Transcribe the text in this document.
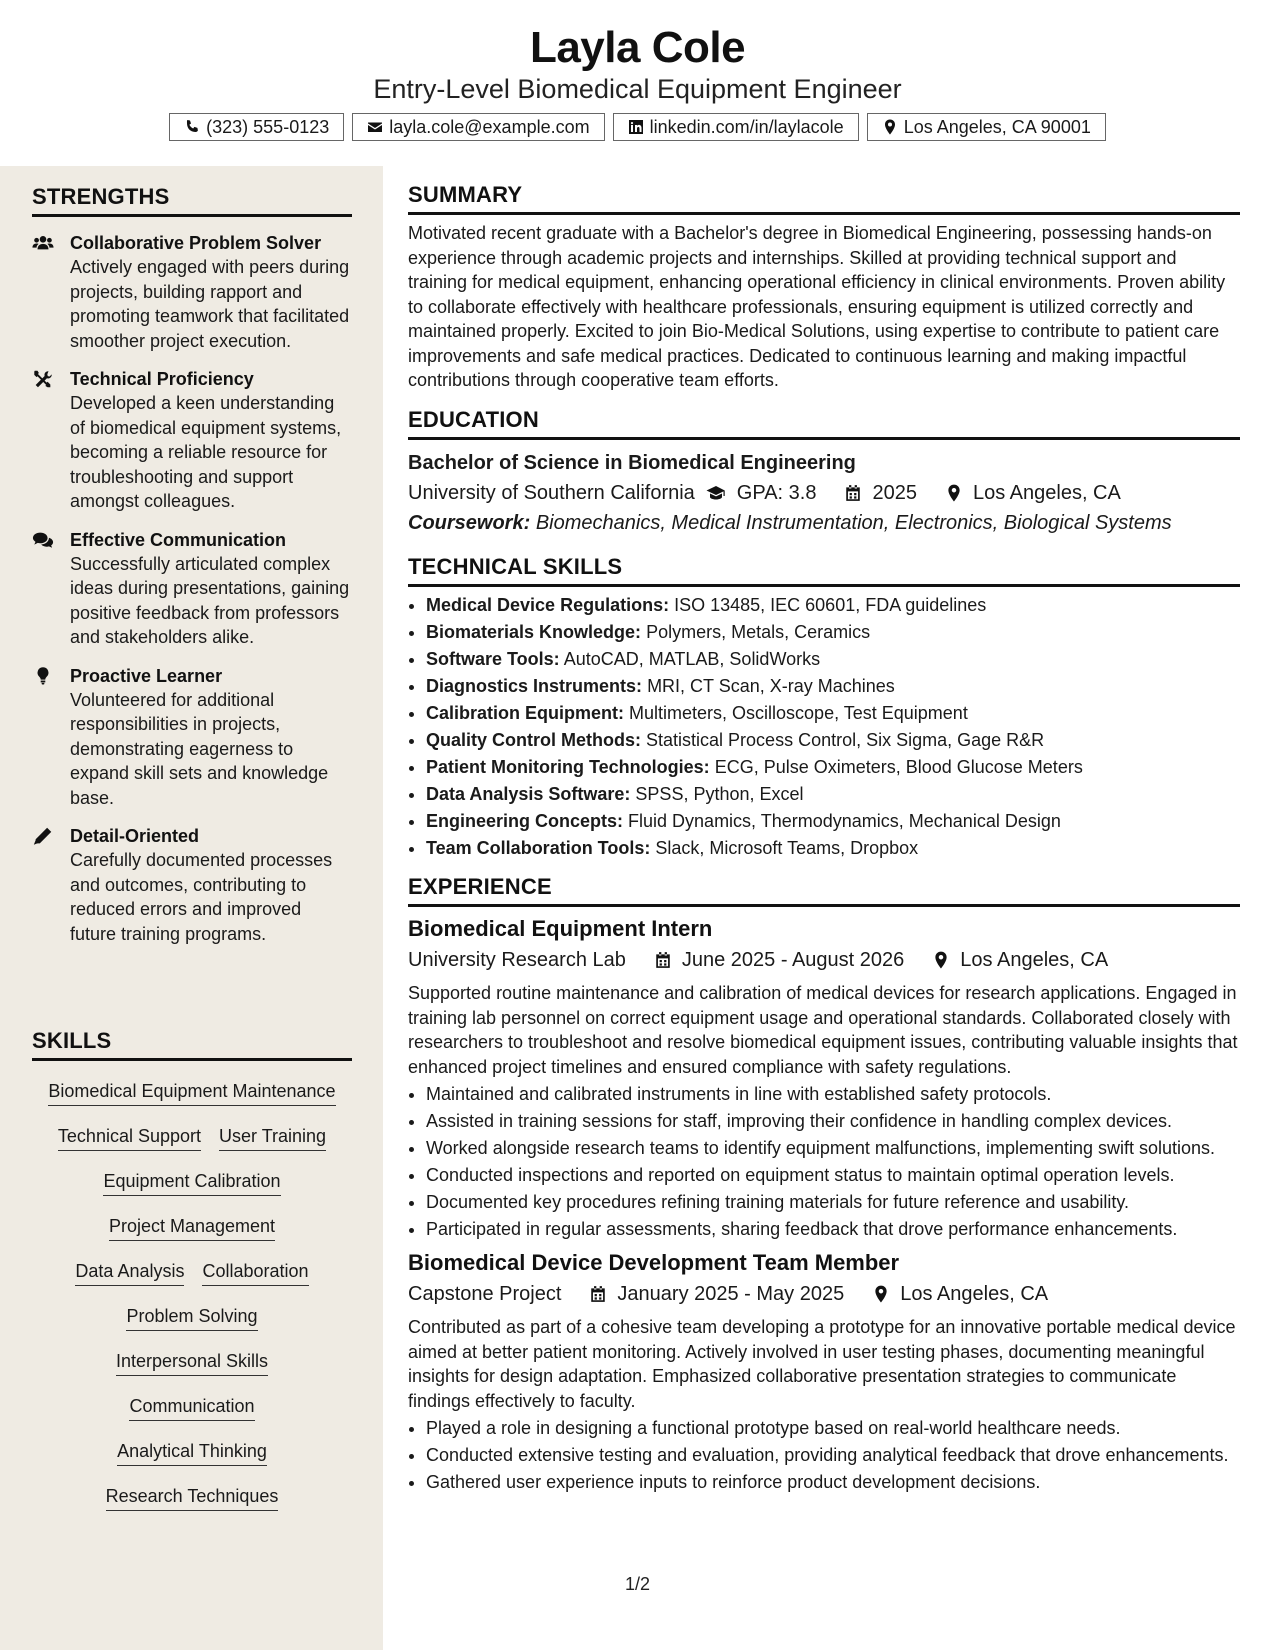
Layla Cole
Entry-Level Biomedical Equipment Engineer
(323) 555-0123	layla.cole@example.com	linkedin.com/in/laylacole	Los Angeles, CA 90001
STRENGTHS
Collaborative Problem Solver
Actively engaged with peers during projects, building rapport and promoting teamwork that facilitated smoother project execution.
Technical Proficiency
Developed a keen understanding of biomedical equipment systems, becoming a reliable resource for troubleshooting and support amongst colleagues.
Effective Communication
Successfully articulated complex ideas during presentations, gaining positive feedback from professors and stakeholders alike.
Proactive Learner
Volunteered for additional responsibilities in projects, demonstrating eagerness to expand skill sets and knowledge base.
Detail-Oriented
Carefully documented processes and outcomes, contributing to reduced errors and improved future training programs.
SKILLS
Biomedical Equipment Maintenance
Technical Support User Training
Equipment Calibration
Project Management
Data Analysis Collaboration
Problem Solving
Interpersonal Skills
Communication
Analytical Thinking
Research Techniques
SUMMARY
Motivated recent graduate with a Bachelor's degree in Biomedical Engineering, possessing hands-on experience through academic projects and internships. Skilled at providing technical support and training for medical equipment, enhancing operational efficiency in clinical environments. Proven ability to collaborate effectively with healthcare professionals, ensuring equipment is utilized correctly and maintained properly. Excited to join Bio-Medical Solutions, using expertise to contribute to patient care improvements and safe medical practices. Dedicated to continuous learning and making impactful contributions through cooperative team efforts.
EDUCATION
Bachelor of Science in Biomedical Engineering
University of Southern California GPA: 3.8	2025	Los Angeles, CA
Coursework: Biomechanics, Medical Instrumentation, Electronics, Biological Systems
TECHNICAL SKILLS
• Medical Device Regulations: ISO 13485, IEC 60601, FDA guidelines
• Biomaterials Knowledge: Polymers, Metals, Ceramics
• Software Tools: AutoCAD, MATLAB, SolidWorks
• Diagnostics Instruments: MRI, CT Scan, X-ray Machines
• Calibration Equipment: Multimeters, Oscilloscope, Test Equipment
• Quality Control Methods: Statistical Process Control, Six Sigma, Gage R&R
• Patient Monitoring Technologies: ECG, Pulse Oximeters, Blood Glucose Meters
• Data Analysis Software: SPSS, Python, Excel
• Engineering Concepts: Fluid Dynamics, Thermodynamics, Mechanical Design
• Team Collaboration Tools: Slack, Microsoft Teams, Dropbox
EXPERIENCE
Biomedical Equipment Intern
University Research Lab	June 2025 - August 2026	Los Angeles, CA
Supported routine maintenance and calibration of medical devices for research applications. Engaged in training lab personnel on correct equipment usage and operational standards. Collaborated closely with researchers to troubleshoot and resolve biomedical equipment issues, contributing valuable insights that enhanced project timelines and ensured compliance with safety regulations.
• Maintained and calibrated instruments in line with established safety protocols.
• Assisted in training sessions for staff, improving their confidence in handling complex devices.
• Worked alongside research teams to identify equipment malfunctions, implementing swift solutions.
• Conducted inspections and reported on equipment status to maintain optimal operation levels.
• Documented key procedures refining training materials for future reference and usability.
• Participated in regular assessments, sharing feedback that drove performance enhancements.
Biomedical Device Development Team Member
Capstone Project	January 2025 - May 2025	Los Angeles, CA
Contributed as part of a cohesive team developing a prototype for an innovative portable medical device aimed at better patient monitoring. Actively involved in user testing phases, documenting meaningful insights for design adaptation. Emphasized collaborative presentation strategies to communicate findings effectively to faculty.
• Played a role in designing a functional prototype based on real-world healthcare needs.
• Conducted extensive testing and evaluation, providing analytical feedback that drove enhancements.
• Gathered user experience inputs to reinforce product development decisions.
1/2
